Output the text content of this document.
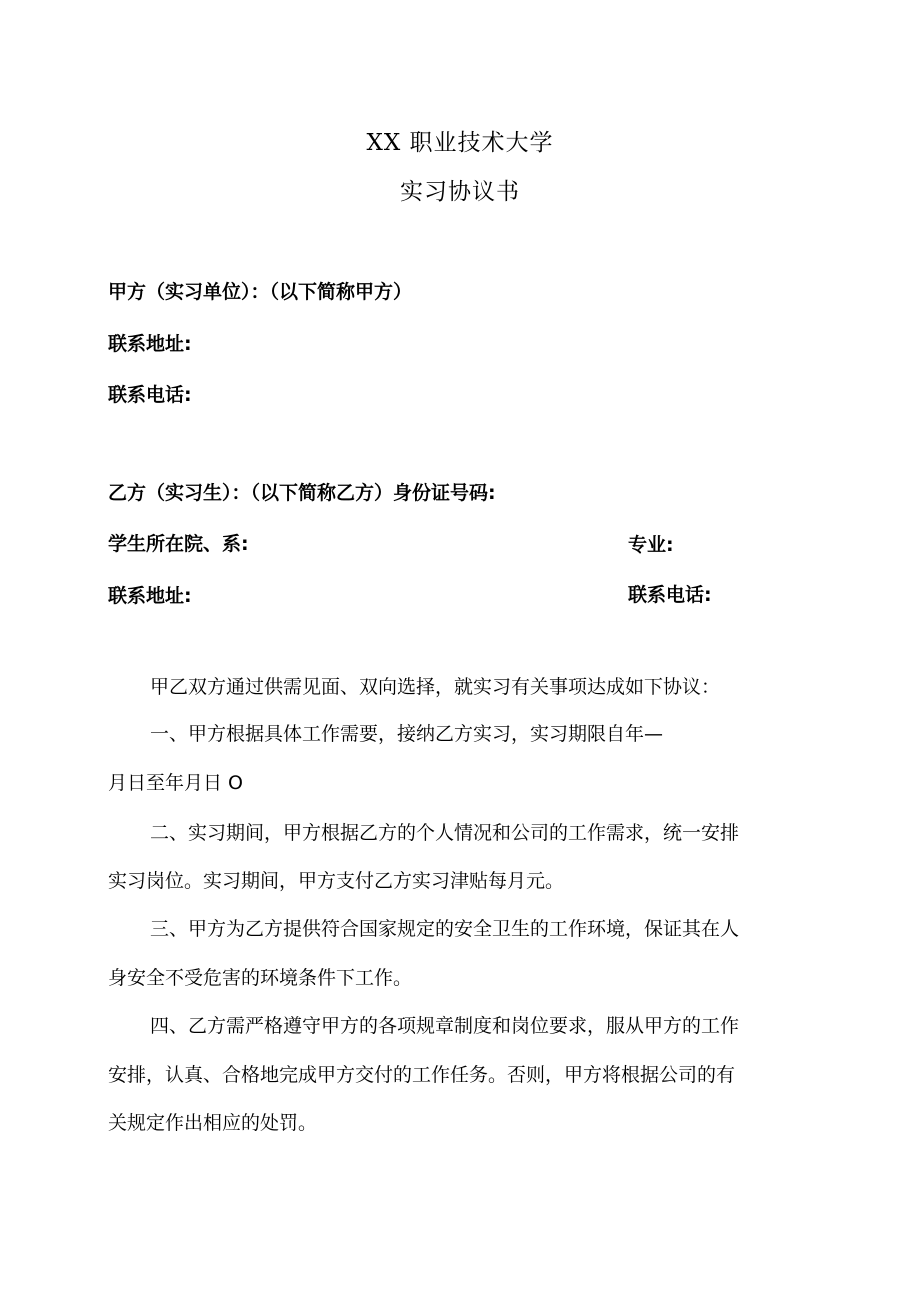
XX 职业技术大学
实习协议书
甲方（实习单位）：（以下简称甲方）
联系地址:
联系电话:
乙方（实习生）：（以下简称乙方）身份证号码:
学生所在院、系:	专业:
联系地址:	联系电话:
甲乙双方通过供需见面、双向选择，就实习有关事项达成如下协议：
一、甲方根据具体工作需要，接纳乙方实习，实习期限自年—
月日至年月日 O
二、实习期间，甲方根据乙方的个人情况和公司的工作需求，统一安排
实习岗位。实习期间，甲方支付乙方实习津贴每月元。
三、甲方为乙方提供符合国家规定的安全卫生的工作环境，保证其在人
身安全不受危害的环境条件下工作。
四、乙方需严格遵守甲方的各项规章制度和岗位要求，服从甲方的工作
安排，认真、合格地完成甲方交付的工作任务。否则，甲方将根据公司的有
关规定作出相应的处罚。
